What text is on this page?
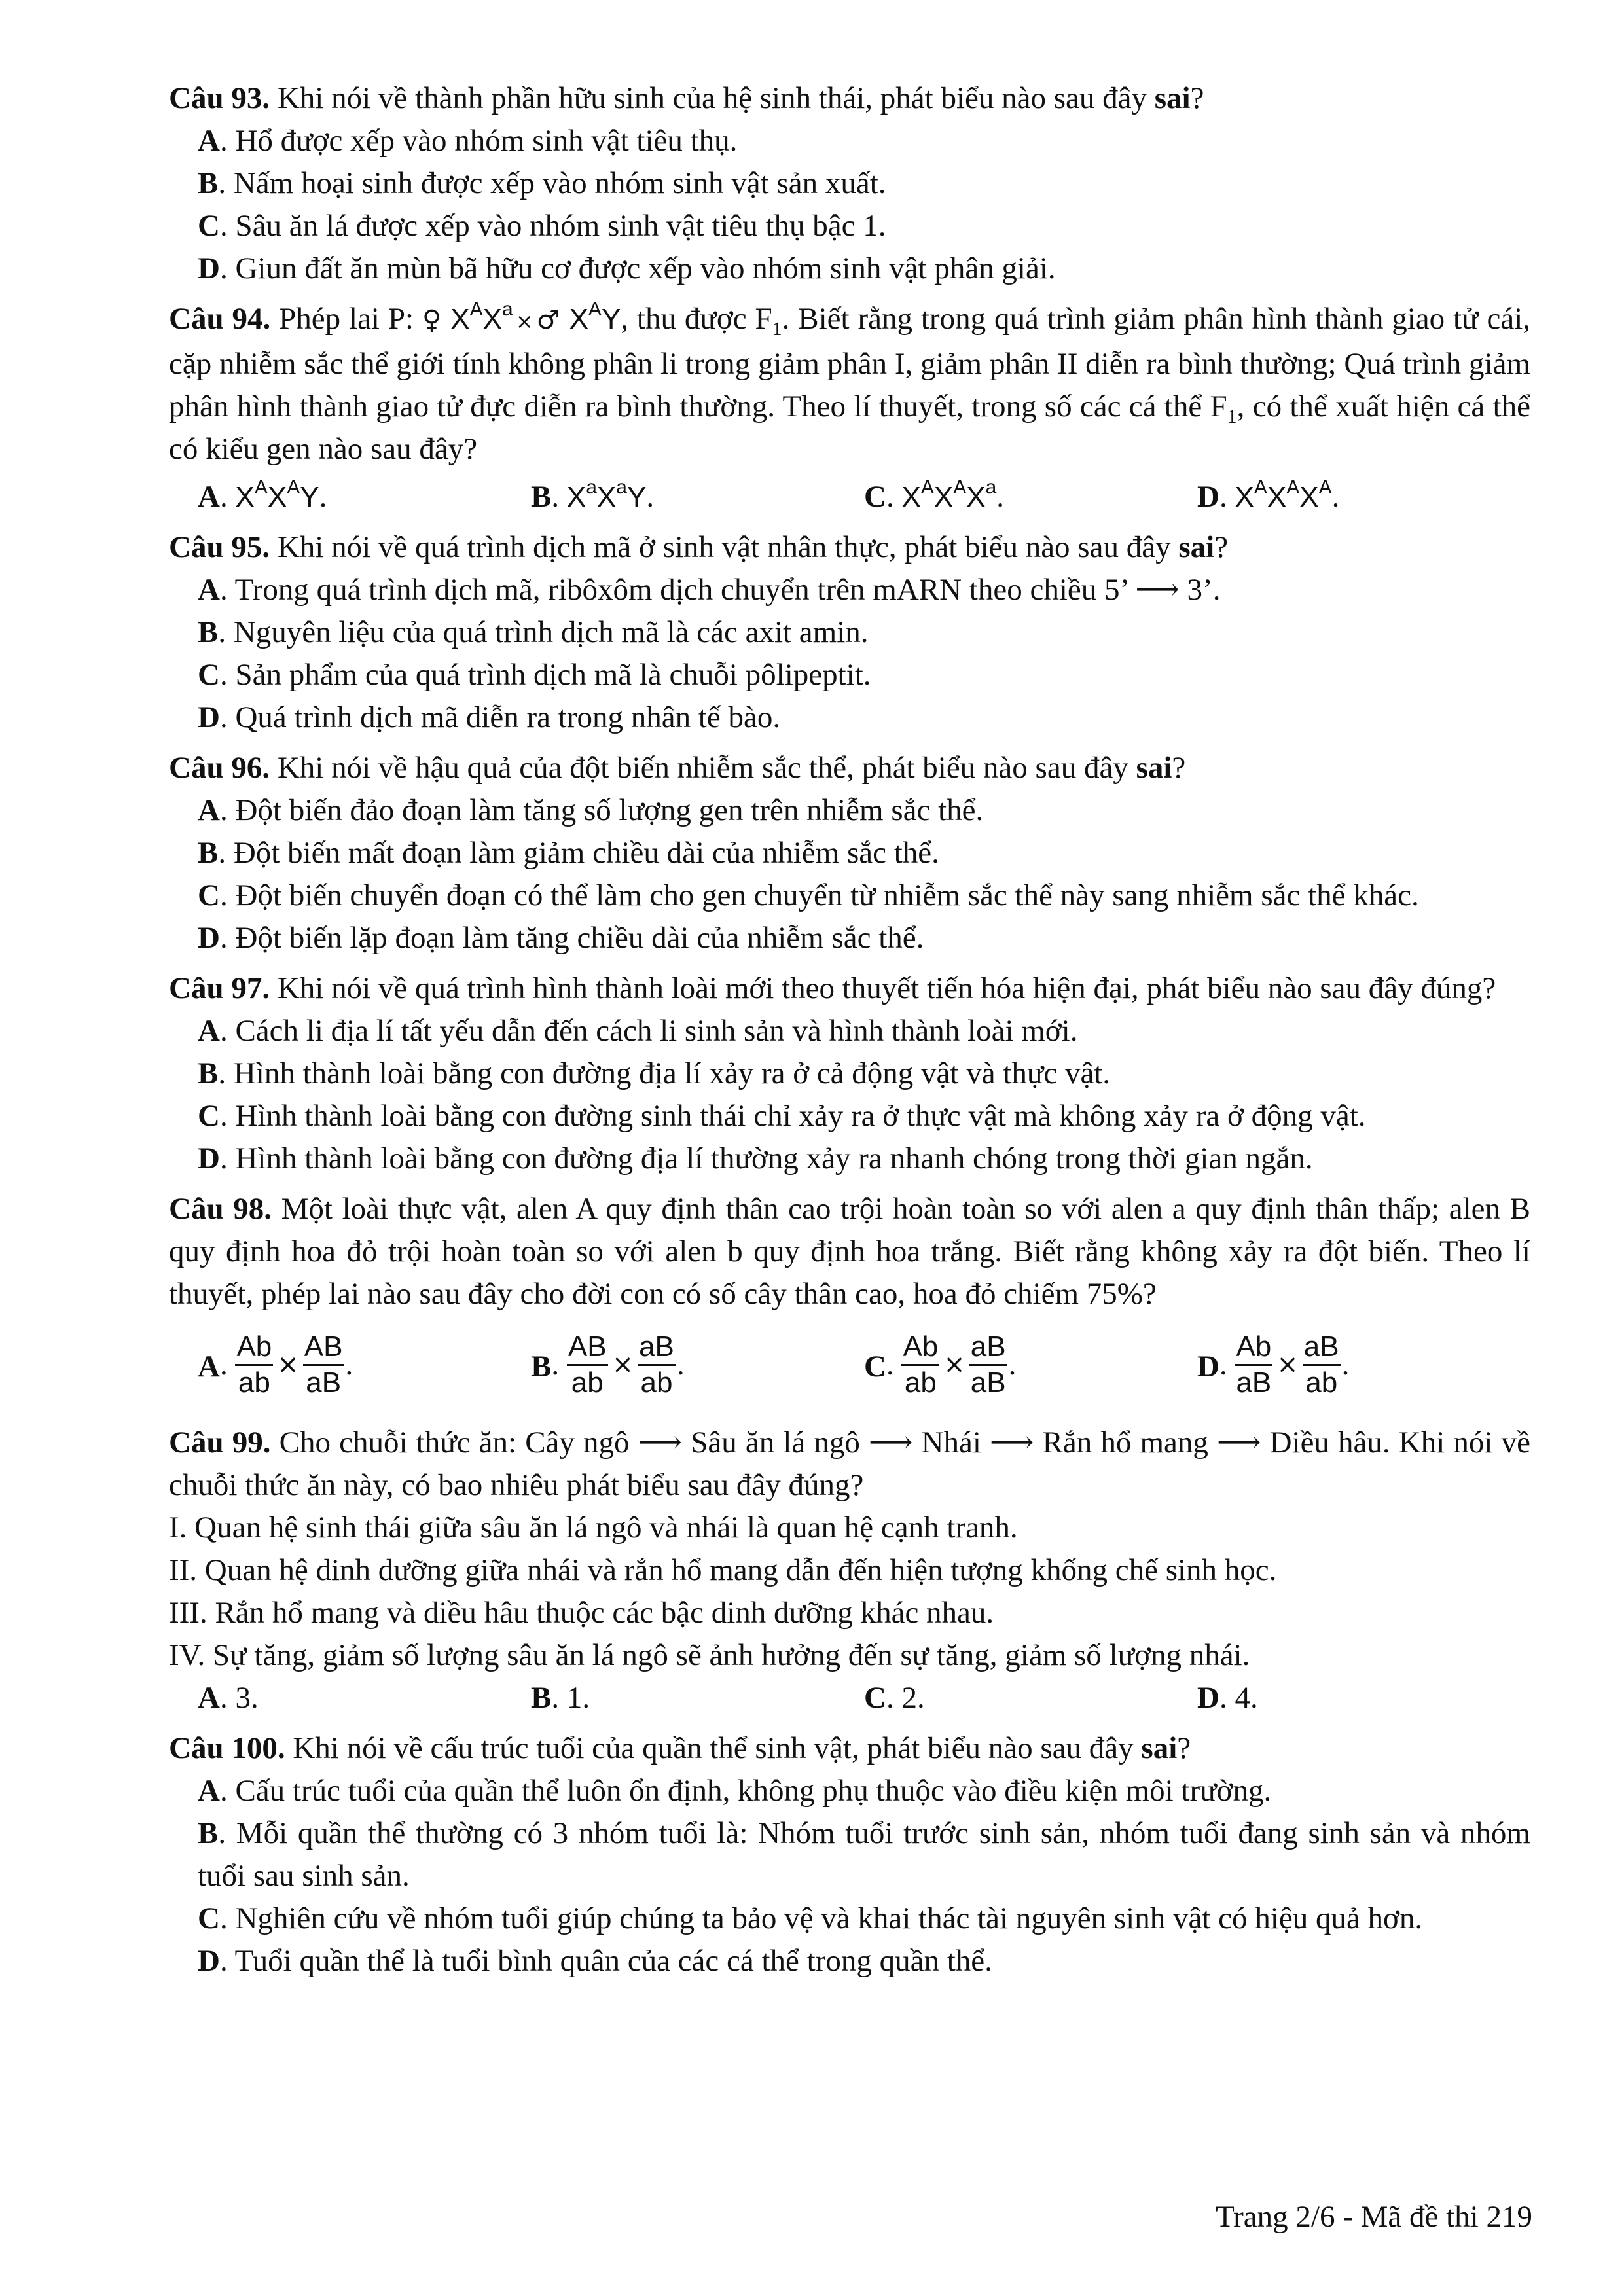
Câu 93. Khi nói về thành phần hữu sinh của hệ sinh thái, phát biểu nào sau đây sai?
A. Hổ được xếp vào nhóm sinh vật tiêu thụ.
B. Nấm hoại sinh được xếp vào nhóm sinh vật sản xuất.
C. Sâu ăn lá được xếp vào nhóm sinh vật tiêu thụ bậc 1.
D. Giun đất ăn mùn bã hữu cơ được xếp vào nhóm sinh vật phân giải.
Câu 94. Phép lai P: ♀ $X^AX^a$ × ♂ $X^AY$, thu được $F_1$. Biết rằng trong quá trình giảm phân hình thành giao tử cái, cặp nhiễm sắc thể giới tính không phân li trong giảm phân I, giảm phân II diễn ra bình thường; Quá trình giảm phân hình thành giao tử đực diễn ra bình thường. Theo lí thuyết, trong số các cá thể $F_1$, có thể xuất hiện cá thể có kiểu gen nào sau đây?
A. $X^AX^AY$.	B. $X^aX^aY$.	C. $X^AX^AX^a$.	D. $X^AX^AX^A$.
Câu 95. Khi nói về quá trình dịch mã ở sinh vật nhân thực, phát biểu nào sau đây sai?
A. Trong quá trình dịch mã, ribôxôm dịch chuyển trên mARN theo chiều 5’ ⟶ 3’.
B. Nguyên liệu của quá trình dịch mã là các axit amin.
C. Sản phẩm của quá trình dịch mã là chuỗi pôlipeptit.
D. Quá trình dịch mã diễn ra trong nhân tế bào.
Câu 96. Khi nói về hậu quả của đột biến nhiễm sắc thể, phát biểu nào sau đây sai?
A. Đột biến đảo đoạn làm tăng số lượng gen trên nhiễm sắc thể.
B. Đột biến mất đoạn làm giảm chiều dài của nhiễm sắc thể.
C. Đột biến chuyển đoạn có thể làm cho gen chuyển từ nhiễm sắc thể này sang nhiễm sắc thể khác.
D. Đột biến lặp đoạn làm tăng chiều dài của nhiễm sắc thể.
Câu 97. Khi nói về quá trình hình thành loài mới theo thuyết tiến hóa hiện đại, phát biểu nào sau đây đúng?
A. Cách li địa lí tất yếu dẫn đến cách li sinh sản và hình thành loài mới.
B. Hình thành loài bằng con đường địa lí xảy ra ở cả động vật và thực vật.
C. Hình thành loài bằng con đường sinh thái chỉ xảy ra ở thực vật mà không xảy ra ở động vật.
D. Hình thành loài bằng con đường địa lí thường xảy ra nhanh chóng trong thời gian ngắn.
Câu 98. Một loài thực vật, alen A quy định thân cao trội hoàn toàn so với alen a quy định thân thấp; alen B quy định hoa đỏ trội hoàn toàn so với alen b quy định hoa trắng. Biết rằng không xảy ra đột biến. Theo lí thuyết, phép lai nào sau đây cho đời con có số cây thân cao, hoa đỏ chiếm 75%?
A .
$\frac{Ab}{ab} \times \frac{AB}{aB}$ .	B .
$\frac{AB}{ab} \times \frac{aB}{ab}$ .	C .
$\frac{Ab}{ab} \times \frac{aB}{aB}$ .	D .
$\frac{Ab}{aB} \times \frac{aB}{ab}$ .
Câu 99. Cho chuỗi thức ăn: Cây ngô ⟶ Sâu ăn lá ngô ⟶ Nhái ⟶ Rắn hổ mang ⟶ Diều hâu. Khi nói về chuỗi thức ăn này, có bao nhiêu phát biểu sau đây đúng?
I. Quan hệ sinh thái giữa sâu ăn lá ngô và nhái là quan hệ cạnh tranh.
II. Quan hệ dinh dưỡng giữa nhái và rắn hổ mang dẫn đến hiện tượng khống chế sinh học.
III. Rắn hổ mang và diều hâu thuộc các bậc dinh dưỡng khác nhau.
IV. Sự tăng, giảm số lượng sâu ăn lá ngô sẽ ảnh hưởng đến sự tăng, giảm số lượng nhái.
A. 3.	B. 1.	C. 2.	D. 4.
Câu 100. Khi nói về cấu trúc tuổi của quần thể sinh vật, phát biểu nào sau đây sai?
A. Cấu trúc tuổi của quần thể luôn ổn định, không phụ thuộc vào điều kiện môi trường.
B. Mỗi quần thể thường có 3 nhóm tuổi là: Nhóm tuổi trước sinh sản, nhóm tuổi đang sinh sản và nhóm tuổi sau sinh sản.
C. Nghiên cứu về nhóm tuổi giúp chúng ta bảo vệ và khai thác tài nguyên sinh vật có hiệu quả hơn.
D. Tuổi quần thể là tuổi bình quân của các cá thể trong quần thể.
Trang 2/6 - Mã đề thi 219
